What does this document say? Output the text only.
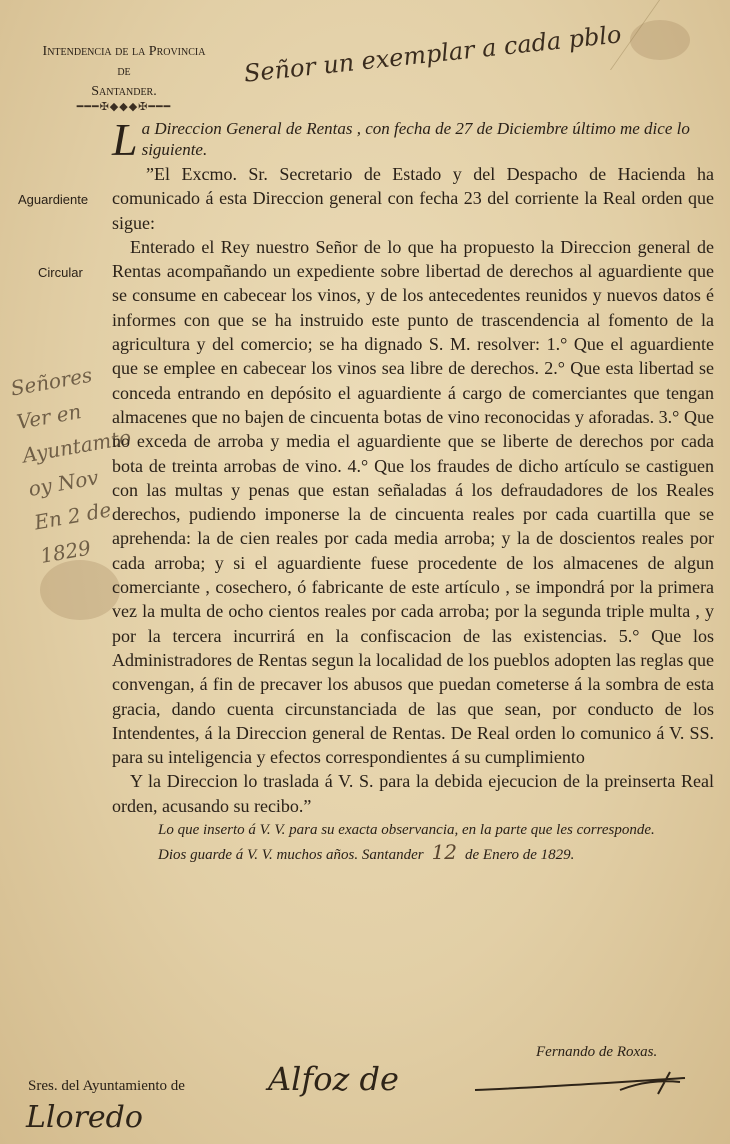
Intendencia de la Provincia
de
Santander.
━━━✠◆◆◆✠━━━
Señor un exemplar a cada pblo
Aguardiente
Circular
Señores
Ver en
Ayuntamto
oy Nov
En 2 de 1829

La Direccion General de Rentas , con fecha de 27 de Diciembre último me dice lo siguiente.

”El Excmo. Sr. Secretario de Estado y del Despacho de Hacienda ha comunicado á esta Direccion general con fecha 23 del corriente la Real orden que sigue:

Enterado el Rey nuestro Señor de lo que ha propuesto la Direccion general de Rentas acompañando un expediente sobre libertad de derechos al aguardiente que se consume en cabecear los vinos, y de los antecedentes reunidos y nuevos datos é informes con que se ha instruido este punto de trascendencia al fomento de la agricultura y del comercio; se ha dignado S. M. resolver: 1.° Que el aguardiente que se emplee en cabecear los vinos sea libre de derechos. 2.° Que esta libertad se conceda entrando en depósito el aguardiente á cargo de comerciantes que tengan almacenes que no bajen de cincuenta botas de vino reconocidas y aforadas. 3.° Que no exceda de arroba y media el aguardiente que se liberte de derechos por cada bota de treinta arrobas de vino. 4.° Que los fraudes de dicho artículo se castiguen con las multas y penas que estan señaladas á los defraudadores de los Reales derechos, pudiendo imponerse la de cincuenta reales por cada cuartilla que se aprehenda: la de cien reales por cada media arroba; y la de doscientos reales por cada arroba; y si el aguardiente fuese procedente de los almacenes de algun comerciante , cosechero, ó fabricante de este artículo , se impondrá por la primera vez la multa de ocho cientos reales por cada arroba; por la segunda triple multa , y por la tercera incurrirá en la confiscacion de las existencias. 5.° Que los Administradores de Rentas segun la localidad de los pueblos adopten las reglas que convengan, á fin de precaver los abusos que puedan cometerse á la sombra de esta gracia, dando cuenta circunstanciada de las que sean, por conducto de los Intendentes, á la Direccion general de Rentas. De Real orden lo comunico á V. SS. para su inteligencia y efectos correspondientes á su cumplimiento

Y la Direccion lo traslada á V. S. para la debida ejecucion de la preinserta Real orden, acusando su recibo.”

Lo que inserto á V. V. para su exacta observancia, en la parte que les corresponde.

Dios guarde á V. V. muchos años. Santander 12 de Enero de 1829.

Fernando de Roxas.
Sres. del Ayuntamiento de	Alfoz de
Lloredo
